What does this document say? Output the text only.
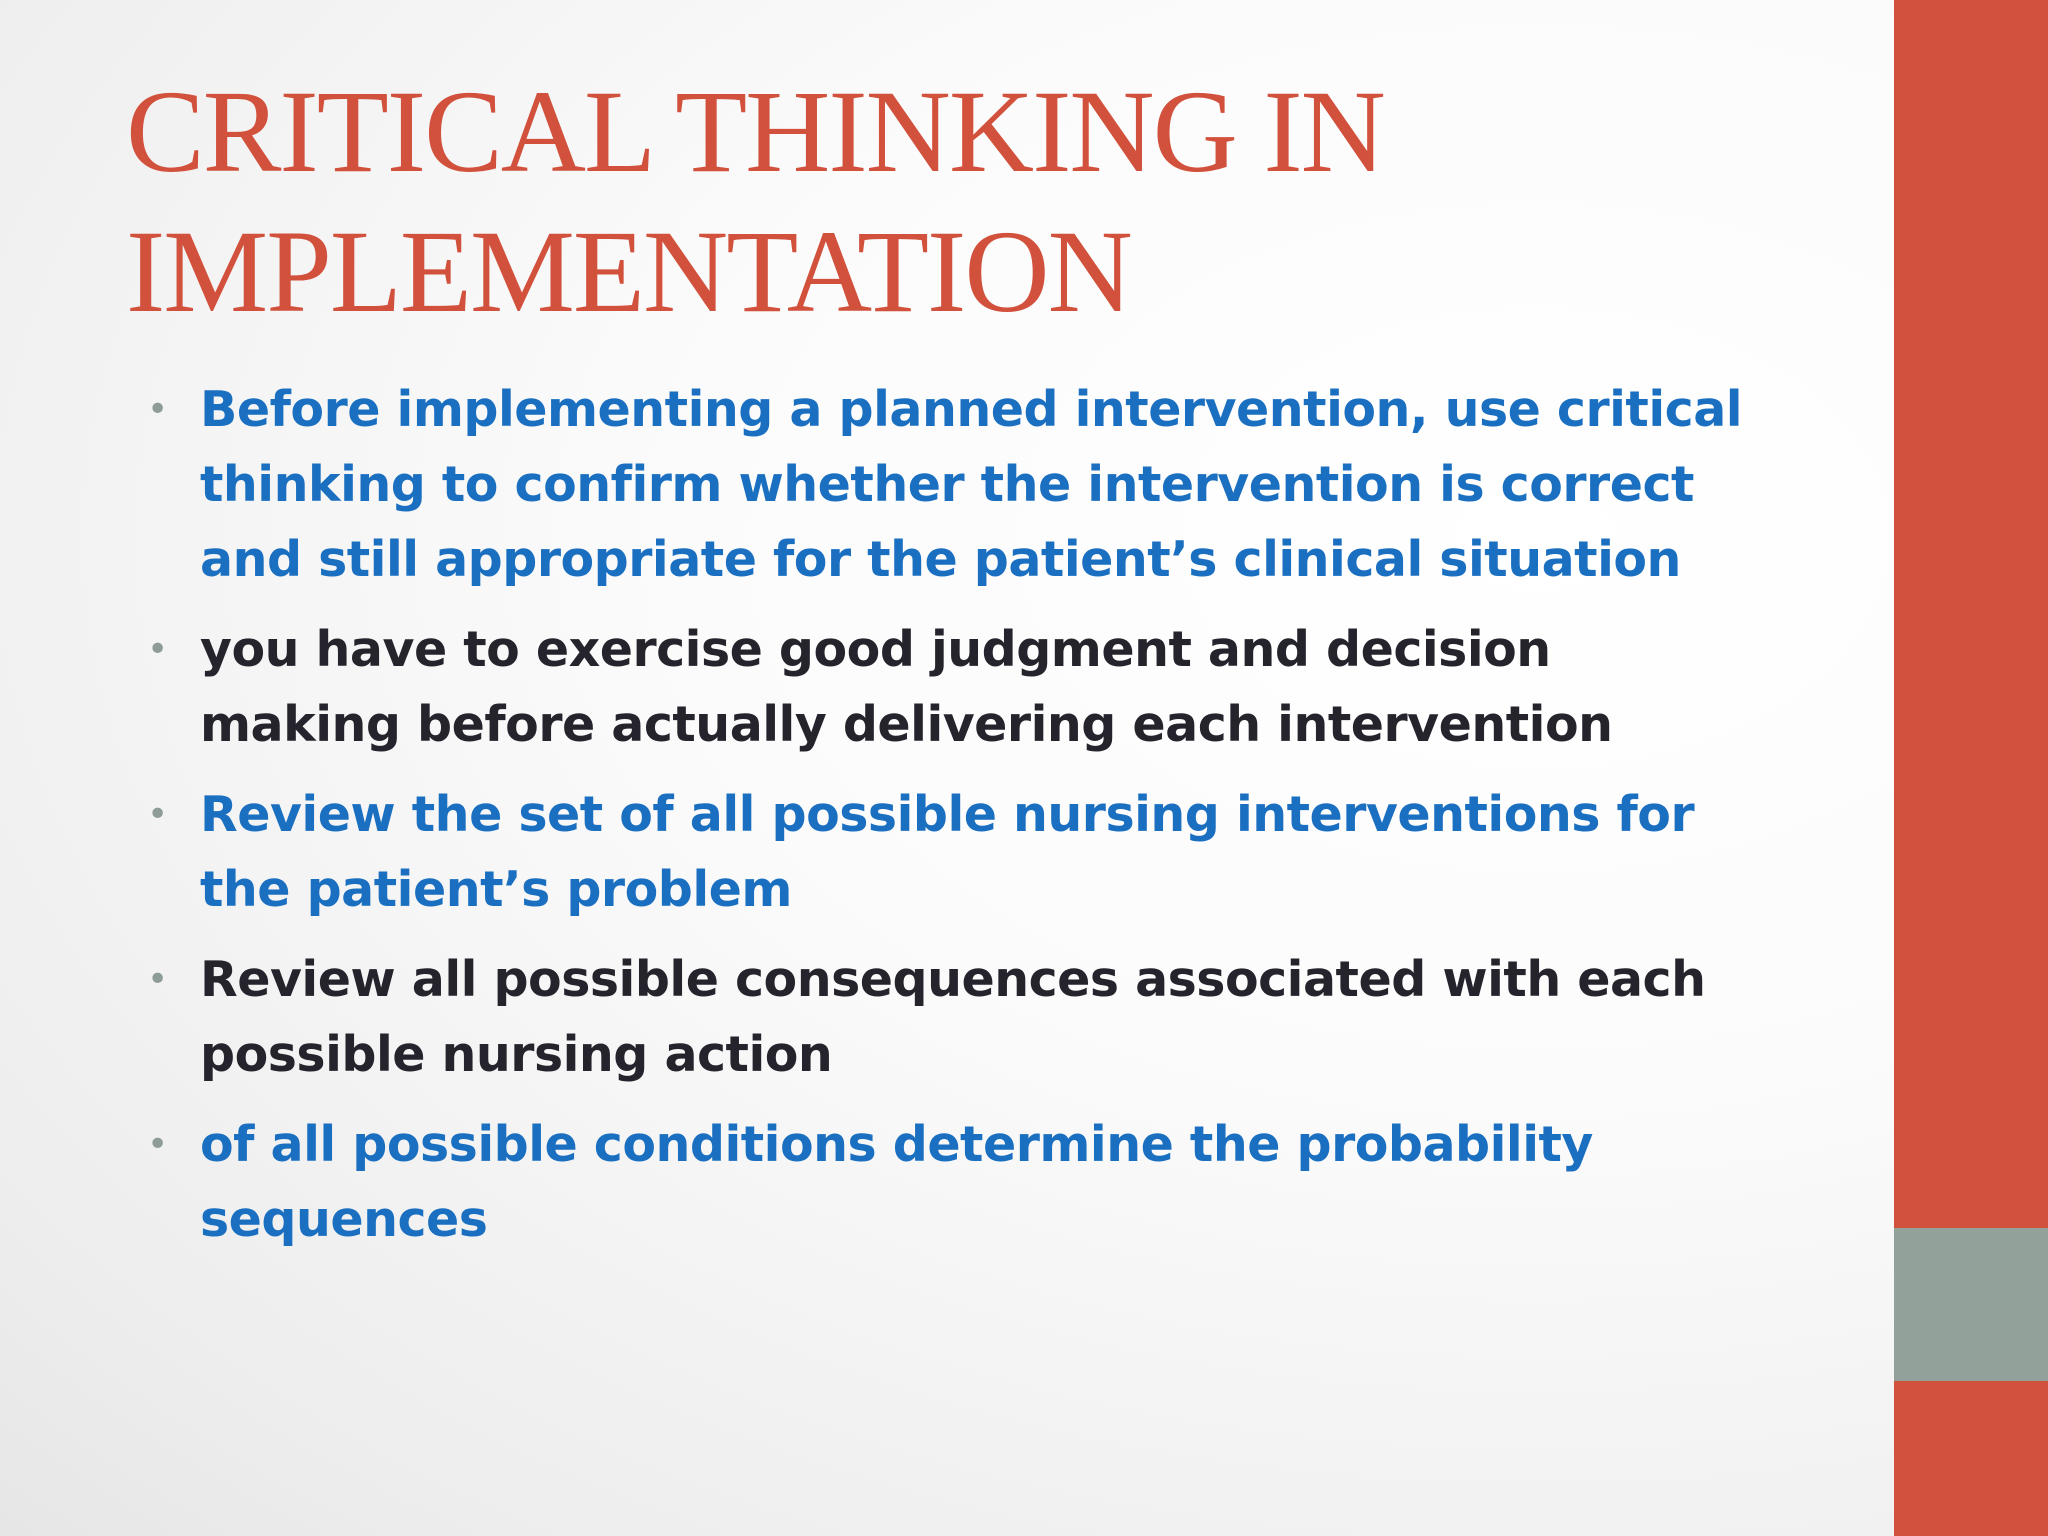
CRITICAL THINKING IN
IMPLEMENTATION
• Before implementing a planned intervention, use critical thinking to confirm whether the intervention is correct and still appropriate for the patient’s clinical situation
• you have to exercise good judgment and decision making before actually delivering each intervention
• Review the set of all possible nursing interventions for the patient’s problem
• Review all possible consequences associated with each possible nursing action
• of all possible conditions determine the probability sequences
